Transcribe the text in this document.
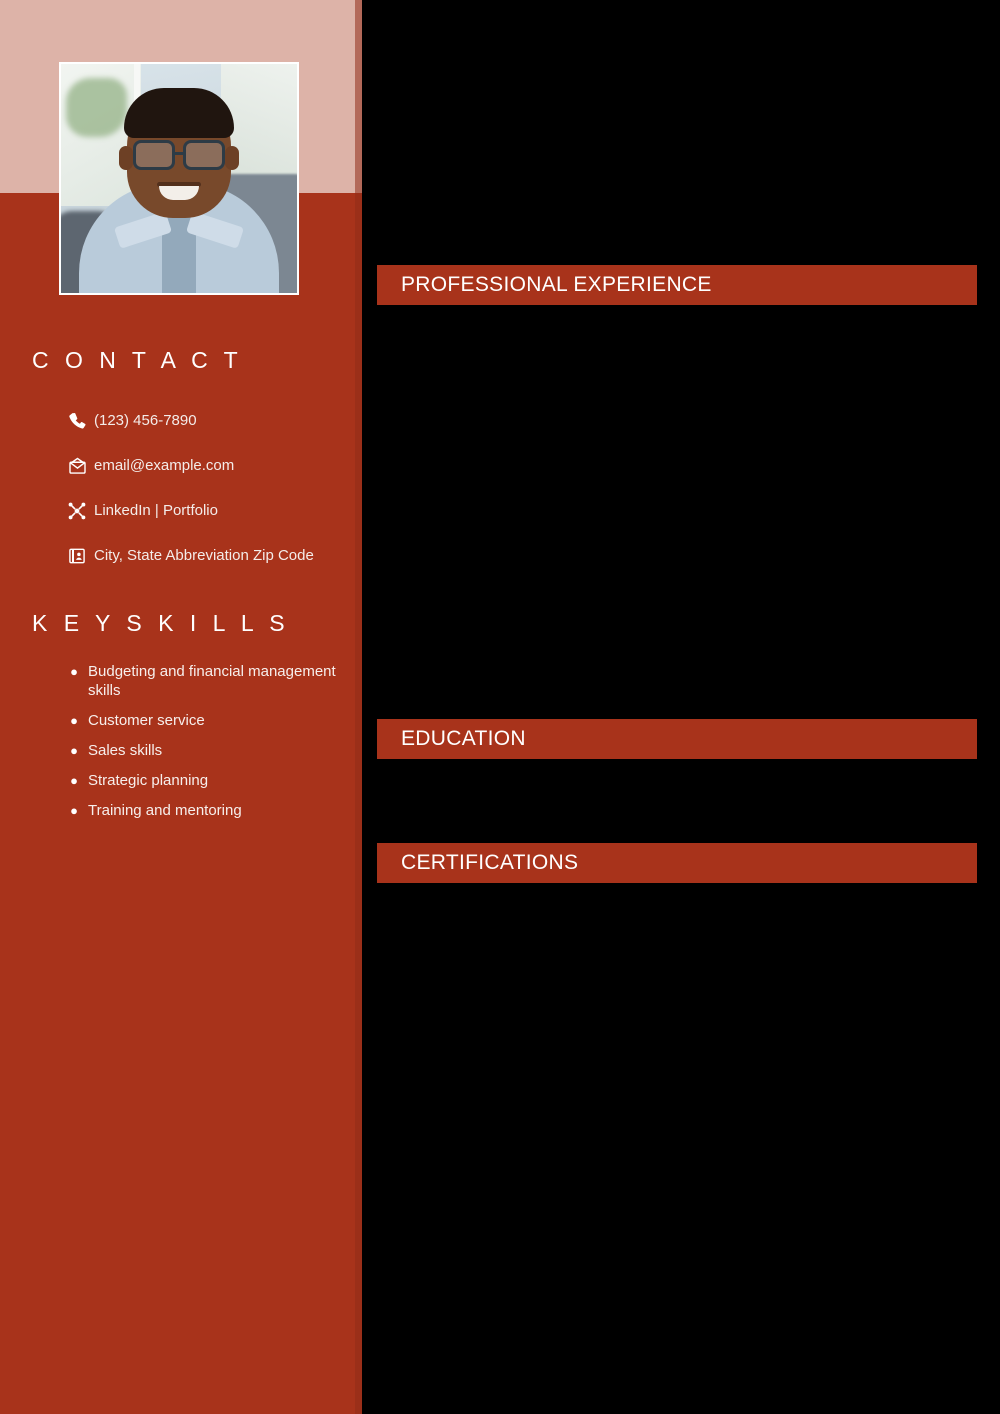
C O N T A C T
(123) 456-7890
email@example.com
LinkedIn | Portfolio
City, State Abbreviation Zip Code
K E Y S K I L L S
● Budgeting and financial management skills
● Customer service
● Sales skills
● Strategic planning
● Training and mentoring
PROFESSIONAL EXPERIENCE
EDUCATION
CERTIFICATIONS
